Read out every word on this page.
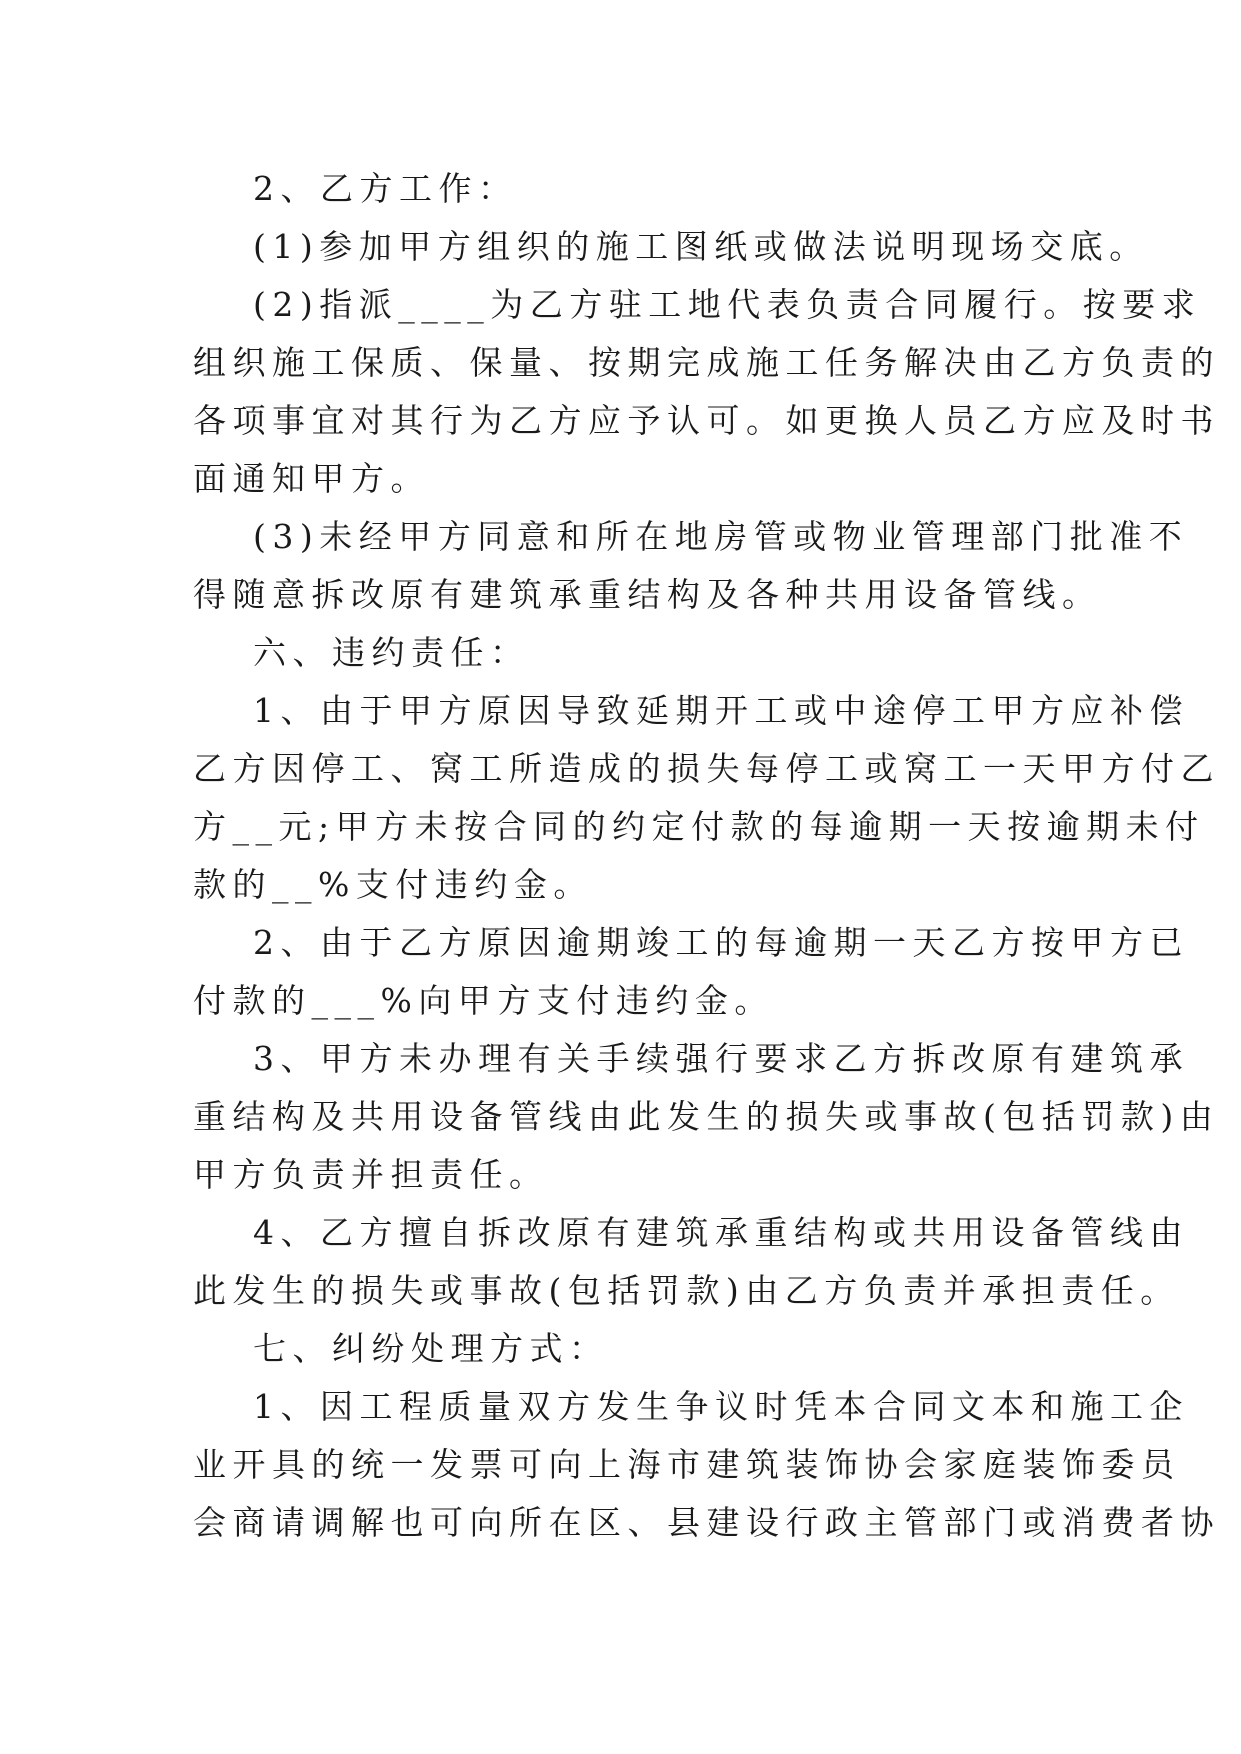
2、乙方工作：
(1)参加甲方组织的施工图纸或做法说明现场交底。
(2)指派____为乙方驻工地代表负责合同履行。按要求
组织施工保质、保量、按期完成施工任务解决由乙方负责的
各项事宜对其行为乙方应予认可。如更换人员乙方应及时书
面通知甲方。
(3)未经甲方同意和所在地房管或物业管理部门批准不
得随意拆改原有建筑承重结构及各种共用设备管线。
六、违约责任：
1、由于甲方原因导致延期开工或中途停工甲方应补偿
乙方因停工、窝工所造成的损失每停工或窝工一天甲方付乙
方__元;甲方未按合同的约定付款的每逾期一天按逾期未付
款的__%支付违约金。
2、由于乙方原因逾期竣工的每逾期一天乙方按甲方已
付款的___%向甲方支付违约金。
3、甲方未办理有关手续强行要求乙方拆改原有建筑承
重结构及共用设备管线由此发生的损失或事故(包括罚款)由
甲方负责并担责任。
4、乙方擅自拆改原有建筑承重结构或共用设备管线由
此发生的损失或事故(包括罚款)由乙方负责并承担责任。
七、纠纷处理方式：
1、因工程质量双方发生争议时凭本合同文本和施工企
业开具的统一发票可向上海市建筑装饰协会家庭装饰委员
会商请调解也可向所在区、县建设行政主管部门或消费者协
